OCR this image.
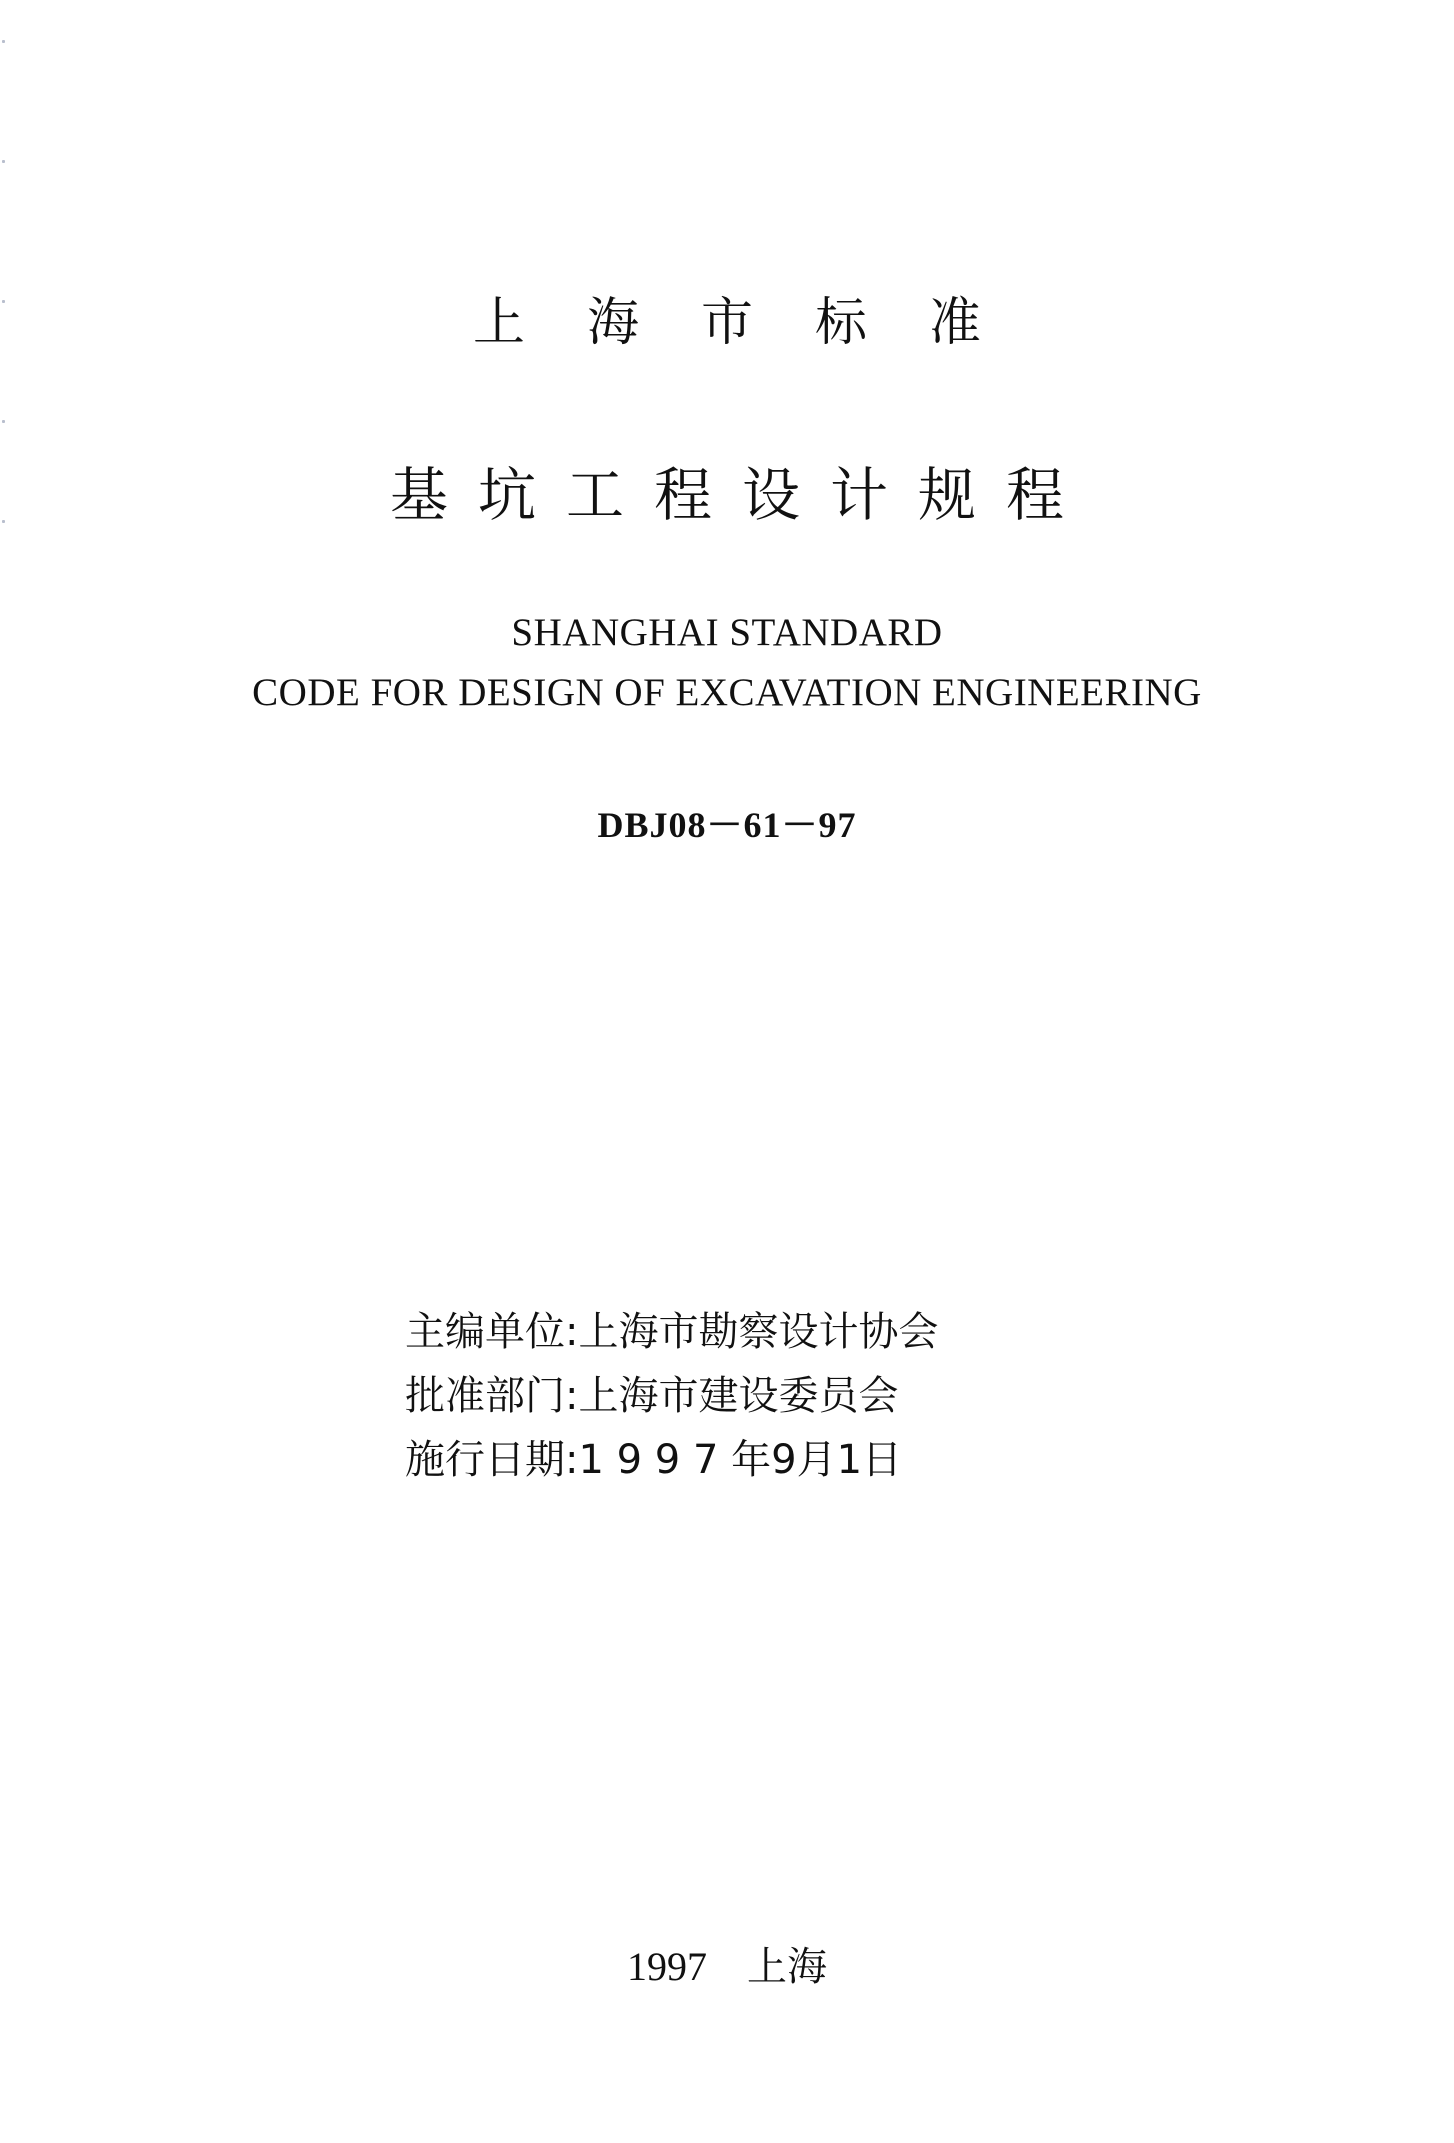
上海市标准
基坑工程设计规程
SHANGHAI STANDARD
CODE FOR DESIGN OF EXCAVATION ENGINEERING
DBJ08－61－97
主编单位:上海市勘察设计协会
批准部门:上海市建设委员会
施行日期:1 9 9 7 年9月1日
1997 上海
